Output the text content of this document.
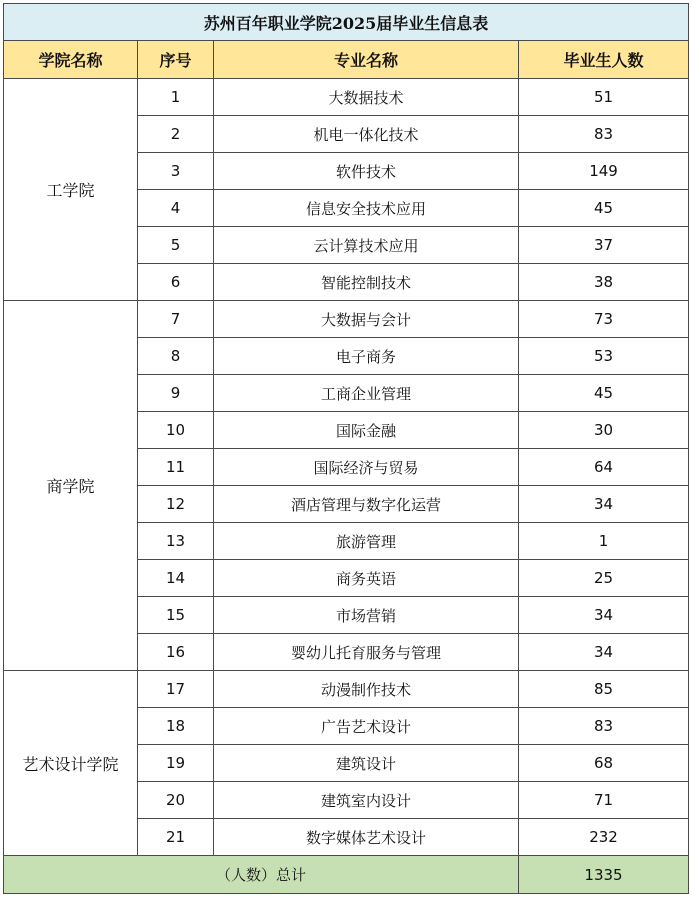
苏州百年职业学院2025届毕业生信息表			
学院名称	序号	专业名称	毕业生人数
工学院	1	大数据技术	51
	2	机电一体化技术	83
	3	软件技术	149
	4	信息安全技术应用	45
	5	云计算技术应用	37
	6	智能控制技术	38
商学院	7	大数据与会计	73
	8	电子商务	53
	9	工商企业管理	45
	10	国际金融	30
	11	国际经济与贸易	64
	12	酒店管理与数字化运营	34
	13	旅游管理	1
	14	商务英语	25
	15	市场营销	34
	16	婴幼儿托育服务与管理	34
艺术设计学院	17	动漫制作技术	85
	18	广告艺术设计	83
	19	建筑设计	68
	20	建筑室内设计	71
	21	数字媒体艺术设计	232
（人数）总计			1335
